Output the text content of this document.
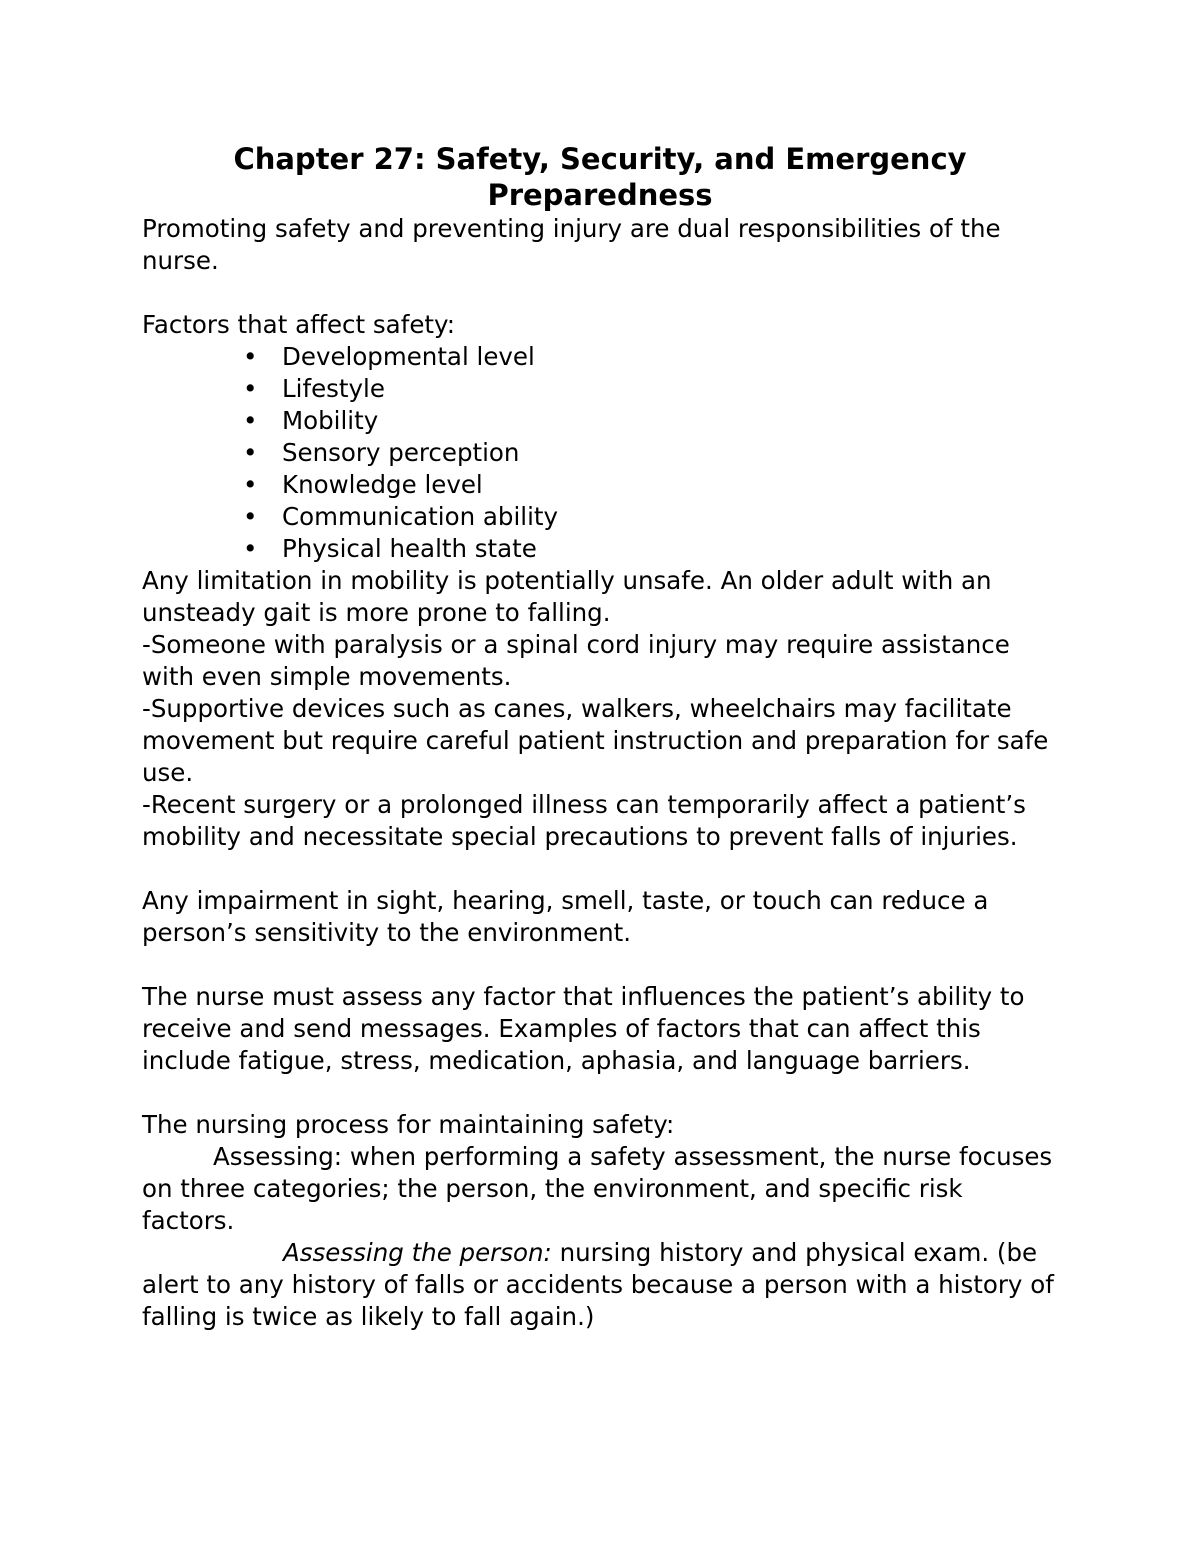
Chapter 27: Safety, Security, and Emergency
Preparedness

Promoting safety and preventing injury are dual responsibilities of the nurse.

Factors that affect safety:

• Developmental level
• Lifestyle
• Mobility
• Sensory perception
• Knowledge level
• Communication ability
• Physical health state

Any limitation in mobility is potentially unsafe. An older adult with an unsteady gait is more prone to falling.

-Someone with paralysis or a spinal cord injury may require assistance with even simple movements.

-Supportive devices such as canes, walkers, wheelchairs may facilitate movement but require careful patient instruction and preparation for safe use.

-Recent surgery or a prolonged illness can temporarily affect a patient’s mobility and necessitate special precautions to prevent falls of injuries.

Any impairment in sight, hearing, smell, taste, or touch can reduce a person’s sensitivity to the environment.

The nurse must assess any factor that influences the patient’s ability to receive and send messages. Examples of factors that can affect this include fatigue, stress, medication, aphasia, and language barriers.

The nursing process for maintaining safety:

Assessing: when performing a safety assessment, the nurse focuses on three categories; the person, the environment, and specific risk factors.

Assessing the person: nursing history and physical exam. (be alert to any history of falls or accidents because a person with a history of falling is twice as likely to fall again.)
